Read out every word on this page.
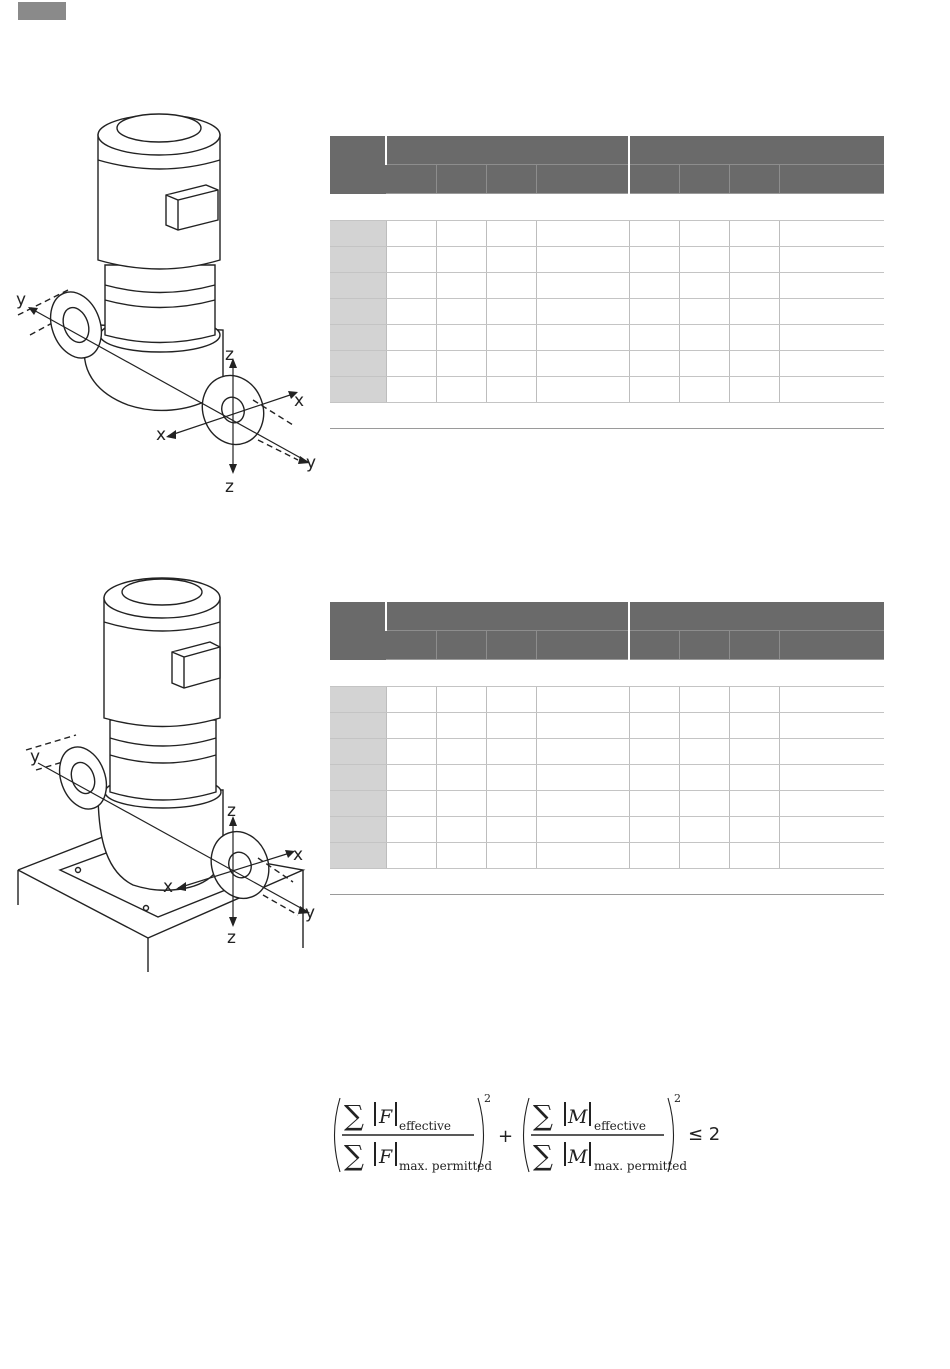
y
z
x
x
y
z
y
z
x
x
y
z

∑ F effective
∑ F max. permitted
2
+
∑ M effective
∑ M max. permitted
2
≤ 2
